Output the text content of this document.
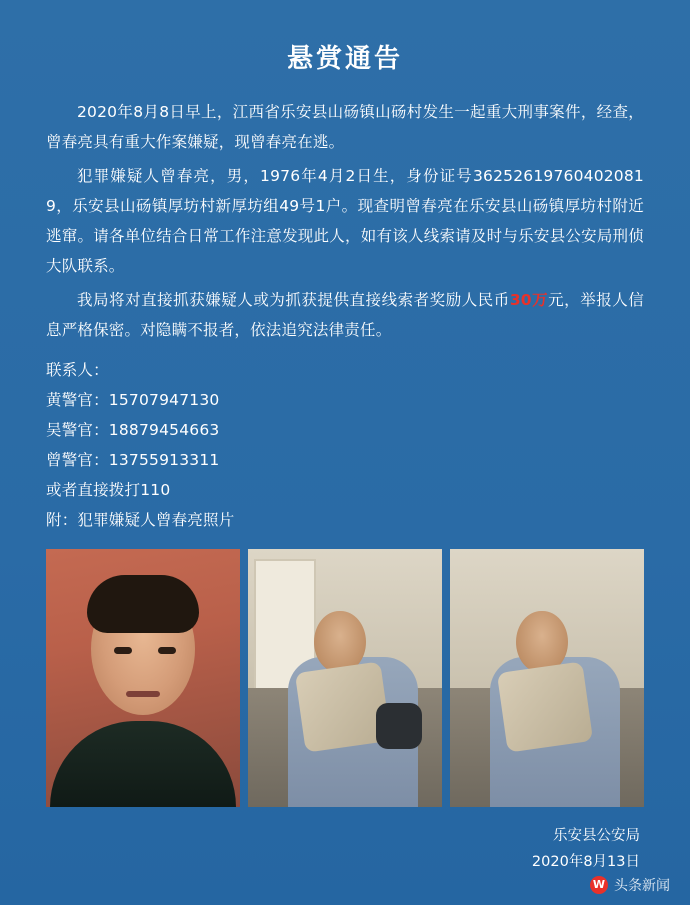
悬赏通告

2020年8月8日早上，江西省乐安县山砀镇山砀村发生一起重大刑事案件，经查，曾春亮具有重大作案嫌疑，现曾春亮在逃。

犯罪嫌疑人曾春亮，男，1976年4月2日生，身份证号36252619760402081 9，乐安县山砀镇厚坊村新厚坊组49号1户。现查明曾春亮在乐安县山砀镇厚坊村附近逃窜。请各单位结合日常工作注意发现此人，如有该人线索请及时与乐安县公安局刑侦大队联系。

我局将对直接抓获嫌疑人或为抓获提供直接线索者奖励人民币30万元，举报人信息严格保密。对隐瞒不报者，依法追究法律责任。

联系人：
黄警官：15707947130
吴警官：18879454663
曾警官：13755913311
或者直接拨打110
附：犯罪嫌疑人曾春亮照片
乐安县公安局
2020年8月13日
W 头条新闻
